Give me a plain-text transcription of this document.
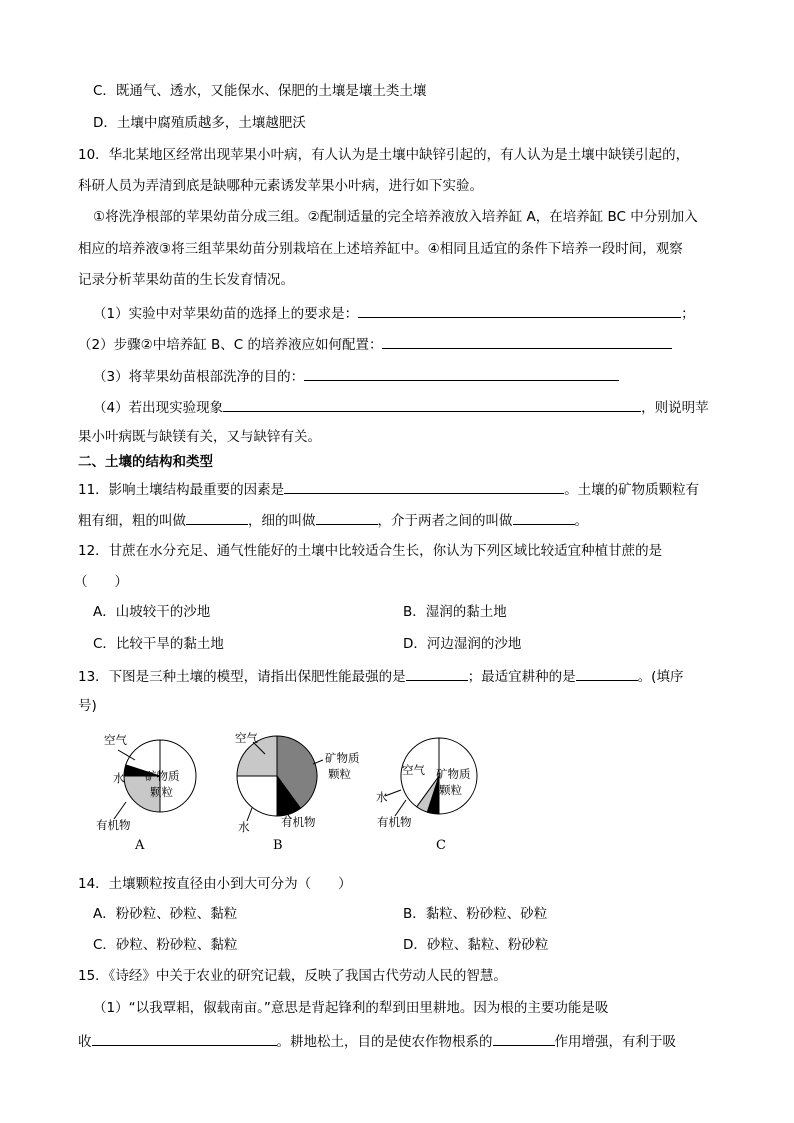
C．既通气、透水，又能保水、保肥的土壤是壤土类土壤
D．土壤中腐殖质越多，土壤越肥沃
10．华北某地区经常出现苹果小叶病，有人认为是土壤中缺锌引起的，有人认为是土壤中缺镁引起的，
科研人员为弄清到底是缺哪种元素诱发苹果小叶病，进行如下实验。
①将洗净根部的苹果幼苗分成三组。②配制适量的完全培养液放入培养缸 A，在培养缸 BC 中分别加入
相应的培养液③将三组苹果幼苗分别栽培在上述培养缸中。④相同且适宜的条件下培养一段时间，观察
记录分析苹果幼苗的生长发育情况。
（1）实验中对苹果幼苗的选择上的要求是：	；
（2）步骤②中培养缸 B、C 的培养液应如何配置：
（3）将苹果幼苗根部洗净的目的：
（4）若出现实验现象	，则说明苹
果小叶病既与缺镁有关，又与缺锌有关。
二、土壤的结构和类型
11．影响土壤结构最重要的因素是	。土壤的矿物质颗粒有
粗有细，粗的叫做	，细的叫做	，介于两者之间的叫做	。
12．甘蔗在水分充足、通气性能好的土壤中比较适合生长，你认为下列区域比较适宜种植甘蔗的是
（　　）
A．山坡较干的沙地	B．湿润的黏土地
C．比较干旱的黏土地	D．河边湿润的沙地
13．下图是三种土壤的模型，请指出保肥性能最强的是	；最适宜耕种的是	。(填序
号)
空气
水
有机物
矿物质
颗粒
A
空气
水	有机物
矿物质
颗粒
B
空气
水
有机物
矿物质
颗粒
C
14．土壤颗粒按直径由小到大可分为（　　）
A．粉砂粒、砂粒、黏粒	B．黏粒、粉砂粒、砂粒
C．砂粒、粉砂粒、黏粒	D．砂粒、黏粒、粉砂粒
15．《诗经》中关于农业的研究记载，反映了我国古代劳动人民的智慧。
（1）“以我覃耜，俶载南亩。”意思是背起锋利的犁到田里耕地。因为根的主要功能是吸
收	。耕地松土，目的是使农作物根系的	作用增强，有利于吸
